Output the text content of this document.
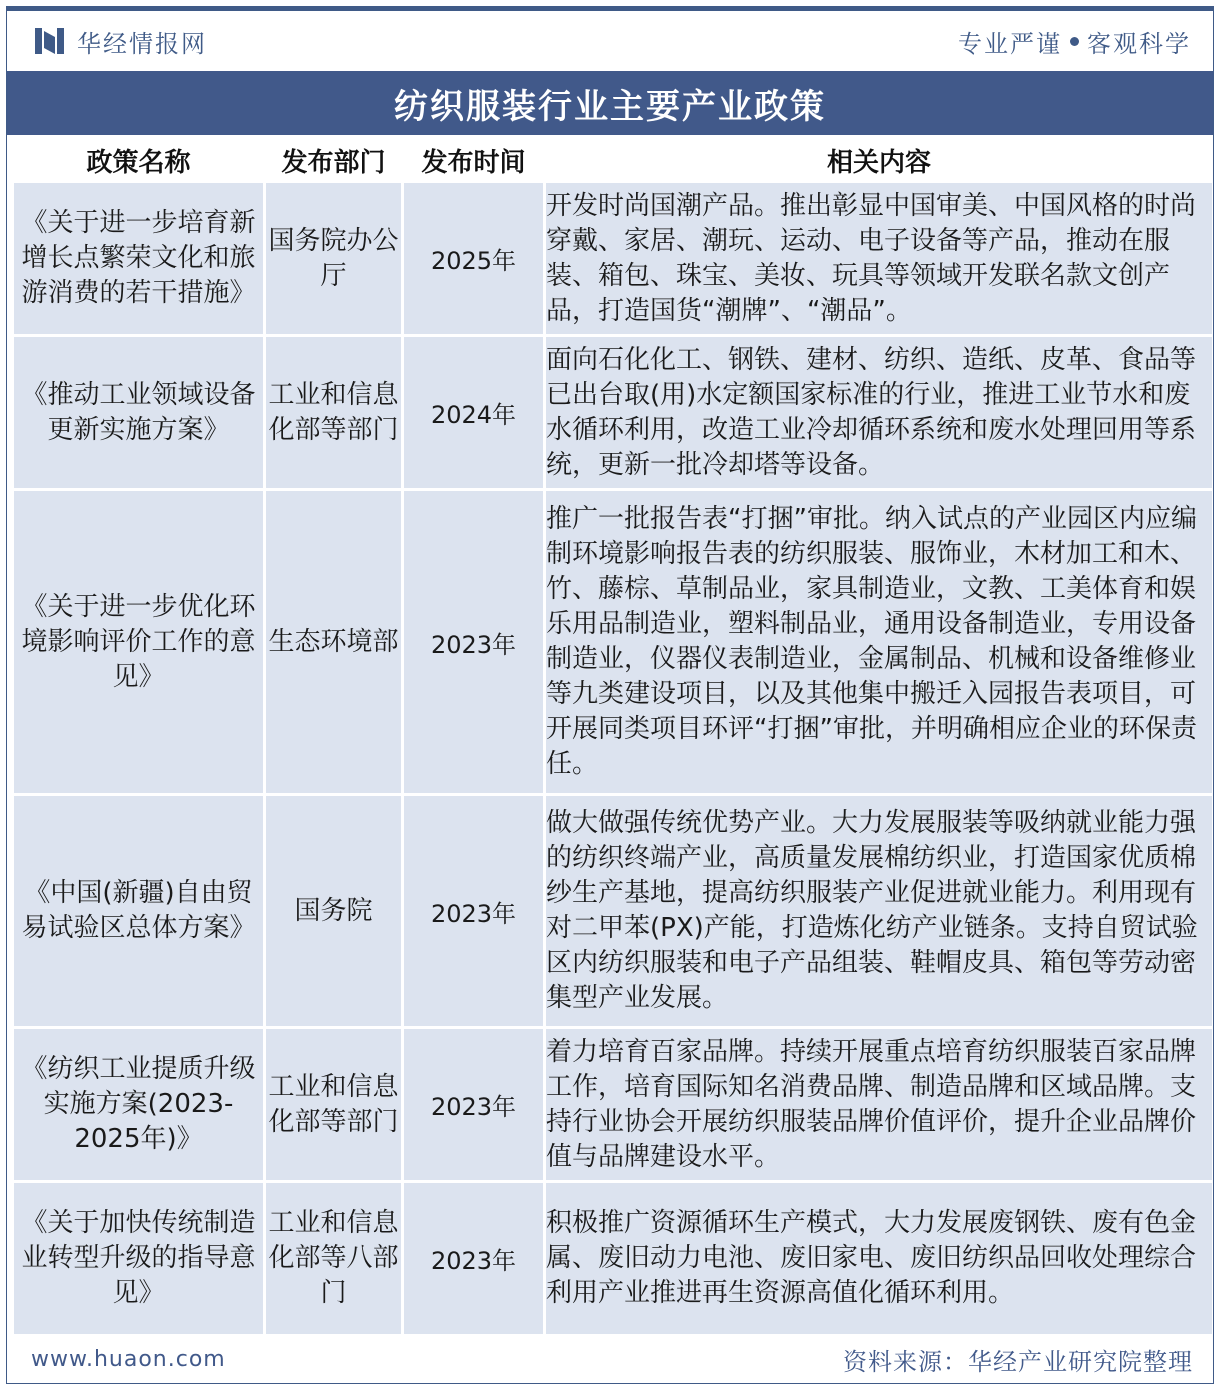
华经情报网	专业严谨 客观科学
纺织服装行业主要产业政策
政策名称	发布部门	发布时间	相关内容
《关于进一步培育新增长点繁荣文化和旅游消费的若干措施》	国务院办公厅	2025年	开发时尚国潮产品。推出彰显中国审美、中国风格的时尚穿戴、家居、潮玩、运动、电子设备等产品，推动在服装、箱包、珠宝、美妆、玩具等领域开发联名款文创产品，打造国货“潮牌”、“潮品”。
《推动工业领域设备更新实施方案》	工业和信息化部等部门	2024年	面向石化化工、钢铁、建材、纺织、造纸、皮革、食品等已出台取(用)水定额国家标准的行业，推进工业节水和废水循环利用，改造工业冷却循环系统和废水处理回用等系统，更新一批冷却塔等设备。
《关于进一步优化环境影响评价工作的意见》	生态环境部	2023年	推广一批报告表“打捆”审批。纳入试点的产业园区内应编制环境影响报告表的纺织服装、服饰业，木材加工和木、竹、藤棕、草制品业，家具制造业，文教、工美体育和娱乐用品制造业，塑料制品业，通用设备制造业，专用设备制造业，仪器仪表制造业，金属制品、机械和设备维修业等九类建设项目，以及其他集中搬迁入园报告表项目，可开展同类项目环评“打捆”审批，并明确相应企业的环保责任。
《中国(新疆)自由贸易试验区总体方案》	国务院	2023年	做大做强传统优势产业。大力发展服装等吸纳就业能力强的纺织终端产业，高质量发展棉纺织业，打造国家优质棉纱生产基地，提高纺织服装产业促进就业能力。利用现有对二甲苯(PX)产能，打造炼化纺产业链条。支持自贸试验区内纺织服装和电子产品组装、鞋帽皮具、箱包等劳动密集型产业发展。
《纺织工业提质升级实施方案(2023-2025年)》	工业和信息化部等部门	2023年	着力培育百家品牌。持续开展重点培育纺织服装百家品牌工作，培育国际知名消费品牌、制造品牌和区域品牌。支持行业协会开展纺织服装品牌价值评价，提升企业品牌价值与品牌建设水平。
《关于加快传统制造业转型升级的指导意见》	工业和信息化部等八部门	2023年	积极推广资源循环生产模式，大力发展废钢铁、废有色金属、废旧动力电池、废旧家电、废旧纺织品回收处理综合利用产业推进再生资源高值化循环利用。
www.huaon.com	资料来源：华经产业研究院整理
